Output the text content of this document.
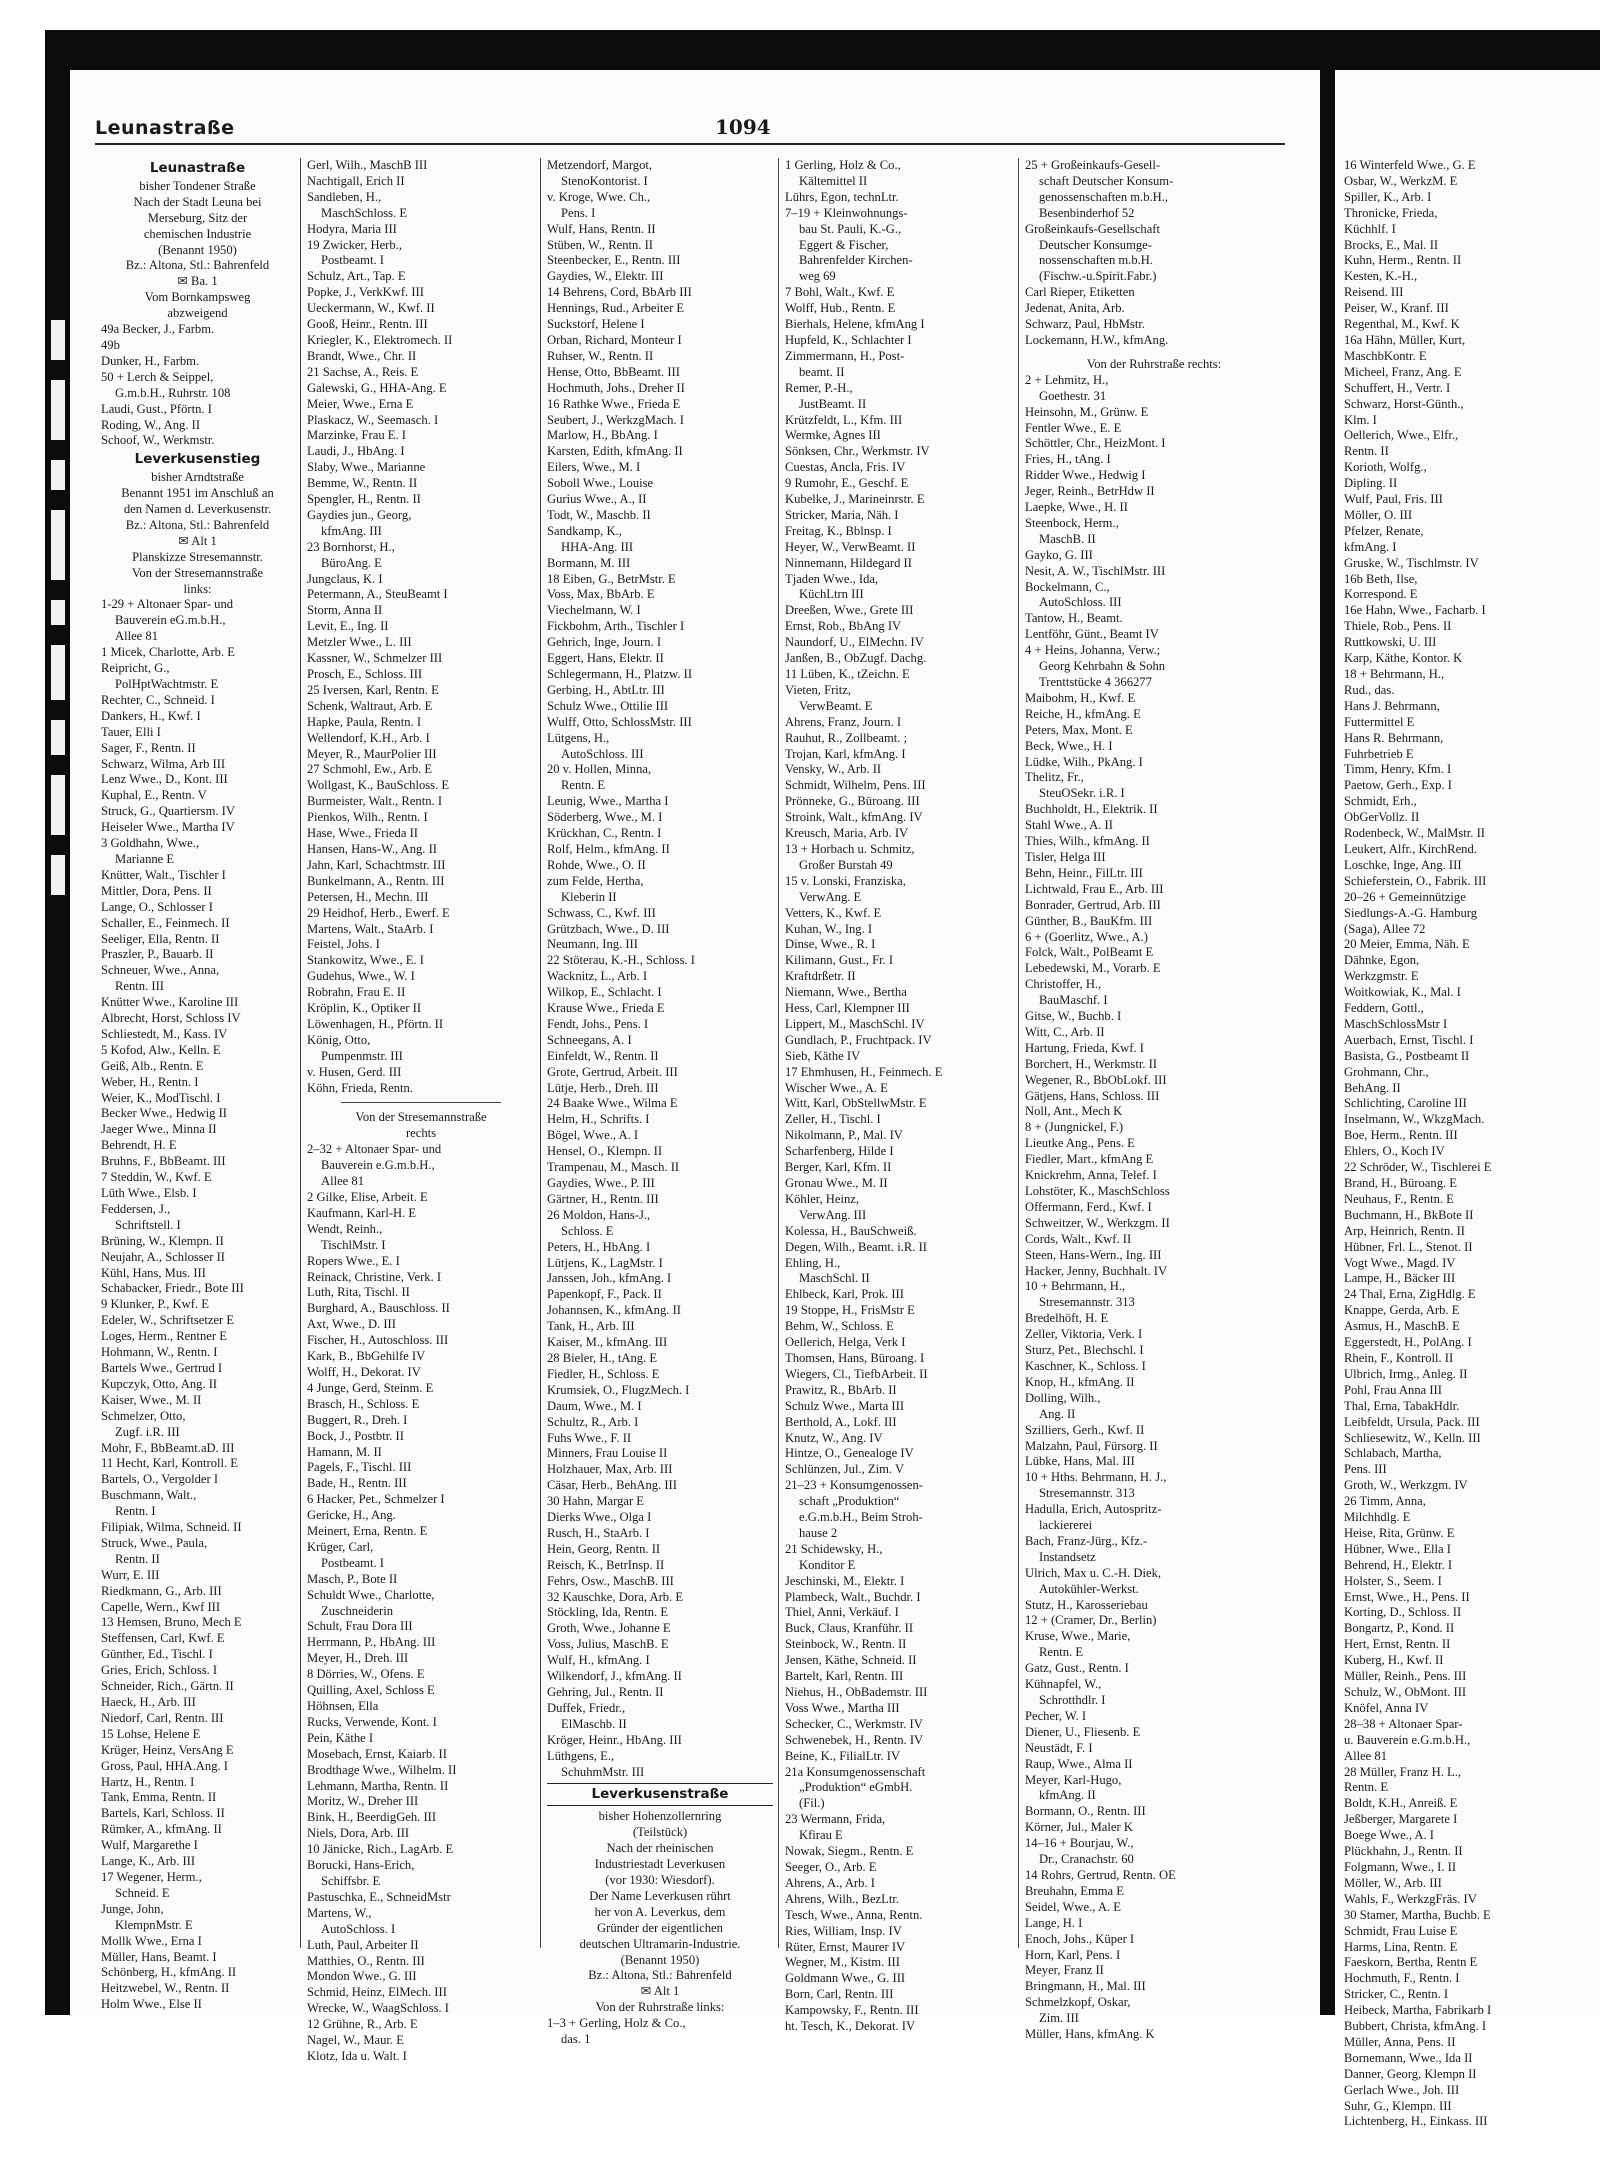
Leunastraße	1094
Leunastraße
bisher Tondener Straße
Nach der Stadt Leuna bei
Merseburg, Sitz der
chemischen Industrie
(Benannt 1950)
Bz.: Altona, Stl.: Bahrenfeld
✉ Ba. 1
Vom Bornkampsweg
abzweigend
49a Becker, J., Farbm.
49b
Dunker, H., Farbm.
50 + Lerch & Seippel,
G.m.b.H., Ruhrstr. 108
Laudi, Gust., Pförtn. I
Roding, W., Ang. II
Schoof, W., Werkmstr.
Leverkusenstieg
bisher Arndtstraße
Benannt 1951 im Anschluß an
den Namen d. Leverkusenstr.
Bz.: Altona, Stl.: Bahrenfeld
✉ Alt 1
Planskizze Stresemannstr.
Von der Stresemannstraße
links:
1-29 + Altonaer Spar- und
Bauverein eG.m.b.H.,
Allee 81
1 Micek, Charlotte, Arb. E
Reipricht, G.,
PolHptWachtmstr. E
Rechter, C., Schneid. I
Dankers, H., Kwf. I
Tauer, Elli I
Sager, F., Rentn. II
Schwarz, Wilma, Arb III
Lenz Wwe., D., Kont. III
Kuphal, E., Rentn. V
Struck, G., Quartiersm. IV
Heiseler Wwe., Martha IV
3 Goldhahn, Wwe.,
Marianne E
Knütter, Walt., Tischler I
Mittler, Dora, Pens. II
Lange, O., Schlosser I
Schaller, E., Feinmech. II
Seeliger, Ella, Rentn. II
Praszler, P., Bauarb. II
Schneuer, Wwe., Anna,
Rentn. III
Knütter Wwe., Karoline III
Albrecht, Horst, Schloss IV
Schliestedt, M., Kass. IV
5 Kofod, Alw., Kelln. E
Geiß, Alb., Rentn. E
Weber, H., Rentn. I
Weier, K., ModTischl. I
Becker Wwe., Hedwig II
Jaeger Wwe., Minna II
Behrendt, H. E
Bruhns, F., BbBeamt. III
7 Steddin, W., Kwf. E
Lüth Wwe., Elsb. I
Feddersen, J.,
Schriftstell. I
Brüning, W., Klempn. II
Neujahr, A., Schlosser II
Kühl, Hans, Mus. III
Schabacker, Friedr., Bote III
9 Klunker, P., Kwf. E
Edeler, W., Schriftsetzer E
Loges, Herm., Rentner E
Hohmann, W., Rentn. I
Bartels Wwe., Gertrud I
Kupczyk, Otto, Ang. II
Kaiser, Wwe., M. II
Schmelzer, Otto,
Zugf. i.R. III
Mohr, F., BbBeamt.aD. III
11 Hecht, Karl, Kontroll. E
Bartels, O., Vergolder I
Buschmann, Walt.,
Rentn. I
Filipiak, Wilma, Schneid. II
Struck, Wwe., Paula,
Rentn. II
Wurr, E. III
Riedkmann, G., Arb. III
Capelle, Wern., Kwf III
13 Hemsen, Bruno, Mech E
Steffensen, Carl, Kwf. E
Günther, Ed., Tischl. I
Gries, Erich, Schloss. I
Schneider, Rich., Gärtn. II
Haeck, H., Arb. III
Niedorf, Carl, Rentn. III
15 Lohse, Helene E
Krüger, Heinz, VersAng E
Gross, Paul, HHA.Ang. I
Hartz, H., Rentn. I
Tank, Emma, Rentn. II
Bartels, Karl, Schloss. II
Rümker, A., kfmAng. II
Wulf, Margarethe I
Lange, K., Arb. III
17 Wegener, Herm.,
Schneid. E
Junge, John,
KlempnMstr. E
Mollk Wwe., Erna I
Müller, Hans, Beamt. I
Schönberg, H., kfmAng. II
Heitzwebel, W., Rentn. II
Holm Wwe., Else II
Gerl, Wilh., MaschB III
Nachtigall, Erich II
Sandleben, H.,
MaschSchloss. E
Hodyra, Maria III
19 Zwicker, Herb.,
Postbeamt. I
Schulz, Art., Tap. E
Popke, J., VerkKwf. III
Ueckermann, W., Kwf. II
Gooß, Heinr., Rentn. III
Kriegler, K., Elektromech. II
Brandt, Wwe., Chr. II
21 Sachse, A., Reis. E
Galewski, G., HHA-Ang. E
Meier, Wwe., Erna E
Plaskacz, W., Seemasch. I
Marzinke, Frau E. I
Laudi, J., HbAng. I
Slaby, Wwe., Marianne
Bemme, W., Rentn. II
Spengler, H., Rentn. II
Gaydies jun., Georg,
kfmAng. III
23 Bornhorst, H.,
BüroAng. E
Jungclaus, K. I
Petermann, A., SteuBeamt I
Storm, Anna II
Levit, E., Ing. II
Metzler Wwe., L. III
Kassner, W., Schmelzer III
Prosch, E., Schloss. III
25 Iversen, Karl, Rentn. E
Schenk, Waltraut, Arb. E
Hapke, Paula, Rentn. I
Wellendorf, K.H., Arb. I
Meyer, R., MaurPolier III
27 Schmohl, Ew., Arb. E
Wollgast, K., BauSchloss. E
Burmeister, Walt., Rentn. I
Pienkos, Wilh., Rentn. I
Hase, Wwe., Frieda II
Hansen, Hans-W., Ang. II
Jahn, Karl, Schachtmstr. III
Bunkelmann, A., Rentn. III
Petersen, H., Mechn. III
29 Heidhof, Herb., Ewerf. E
Martens, Walt., StaArb. I
Feistel, Johs. I
Stankowitz, Wwe., E. I
Gudehus, Wwe., W. I
Robrahn, Frau E. II
Kröplin, K., Optiker II
Löwenhagen, H., Pförtn. II
König, Otto,
Pumpenmstr. III
v. Husen, Gerd. III
Köhn, Frieda, Rentn.
Von der Stresemannstraße
rechts
2–32 + Altonaer Spar- und
Bauverein e.G.m.b.H.,
Allee 81
2 Gilke, Elise, Arbeit. E
Kaufmann, Karl-H. E
Wendt, Reinh.,
TischlMstr. I
Ropers Wwe., E. I
Reinack, Christine, Verk. I
Luth, Rita, Tischl. II
Burghard, A., Bauschloss. II
Axt, Wwe., D. III
Fischer, H., Autoschloss. III
Kark, B., BbGehilfe IV
Wolff, H., Dekorat. IV
4 Junge, Gerd, Steinm. E
Brasch, H., Schloss. E
Buggert, R., Dreh. I
Bock, J., Postbtr. II
Hamann, M. II
Pagels, F., Tischl. III
Bade, H., Rentn. III
6 Hacker, Pet., Schmelzer I
Gericke, H., Ang.
Meinert, Erna, Rentn. E
Krüger, Carl,
Postbeamt. I
Masch, P., Bote II
Schuldt Wwe., Charlotte,
Zuschneiderin
Schult, Frau Dora III
Herrmann, P., HbAng. III
Meyer, H., Dreh. III
8 Dörries, W., Ofens. E
Quilling, Axel, Schloss E
Höhnsen, Ella
Rucks, Verwende, Kont. I
Pein, Käthe I
Mosebach, Ernst, Kaiarb. II
Brodthage Wwe., Wilhelm. II
Lehmann, Martha, Rentn. II
Moritz, W., Dreher III
Bink, H., BeerdigGeh. III
Niels, Dora, Arb. III
10 Jänicke, Rich., LagArb. E
Borucki, Hans-Erich,
Schiffsbr. E
Pastuschka, E., SchneidMstr
Martens, W.,
AutoSchloss. I
Luth, Paul, Arbeiter II
Matthies, O., Rentn. III
Mondon Wwe., G. III
Schmid, Heinz, ElMech. III
Wrecke, W., WaagSchloss. I
12 Grühne, R., Arb. E
Nagel, W., Maur. E
Klotz, Ida u. Walt. I
Metzendorf, Margot,
StenoKontorist. I
v. Kroge, Wwe. Ch.,
Pens. I
Wulf, Hans, Rentn. II
Stüben, W., Rentn. II
Steenbecker, E., Rentn. III
Gaydies, W., Elektr. III
14 Behrens, Cord, BbArb III
Hennings, Rud., Arbeiter E
Suckstorf, Helene I
Orban, Richard, Monteur I
Ruhser, W., Rentn. II
Hense, Otto, BbBeamt. III
Hochmuth, Johs., Dreher II
16 Rathke Wwe., Frieda E
Seubert, J., WerkzgMach. I
Marlow, H., BbAng. I
Karsten, Edith, kfmAng. II
Eilers, Wwe., M. I
Soboll Wwe., Louise
Gurius Wwe., A., II
Todt, W., Maschb. II
Sandkamp, K.,
HHA-Ang. III
Bormann, M. III
18 Eiben, G., BetrMstr. E
Voss, Max, BbArb. E
Viechelmann, W. I
Fickbohm, Arth., Tischler I
Gehrich, Inge, Journ. I
Eggert, Hans, Elektr. II
Schlegermann, H., Platzw. II
Gerbing, H., AbtLtr. III
Schulz Wwe., Ottilie III
Wulff, Otto, SchlossMstr. III
Lütgens, H.,
AutoSchloss. III
20 v. Hollen, Minna,
Rentn. E
Leunig, Wwe., Martha I
Söderberg, Wwe., M. I
Krückhan, C., Rentn. I
Rolf, Helm., kfmAng. II
Rohde, Wwe., O. II
zum Felde, Hertha,
Kleberin II
Schwass, C., Kwf. III
Grützbach, Wwe., D. III
Neumann, Ing. III
22 Stöterau, K.-H., Schloss. I
Wacknitz, L., Arb. I
Wilkop, E., Schlacht. I
Krause Wwe., Frieda E
Fendt, Johs., Pens. I
Schneegans, A. I
Einfeldt, W., Rentn. II
Grote, Gertrud, Arbeit. III
Lütje, Herb., Dreh. III
24 Baake Wwe., Wilma E
Helm, H., Schrifts. I
Bögel, Wwe., A. I
Hensel, O., Klempn. II
Trampenau, M., Masch. II
Gaydies, Wwe., P. III
Gärtner, H., Rentn. III
26 Moldon, Hans-J.,
Schloss. E
Peters, H., HbAng. I
Lütjens, K., LagMstr. I
Janssen, Joh., kfmAng. I
Papenkopf, F., Pack. II
Johannsen, K., kfmAng. II
Tank, H., Arb. III
Kaiser, M., kfmAng. III
28 Bieler, H., tAng. E
Fiedler, H., Schloss. E
Krumsiek, O., FlugzMech. I
Daum, Wwe., M. I
Schultz, R., Arb. I
Fuhs Wwe., F. II
Minners, Frau Louise II
Holzhauer, Max, Arb. III
Cäsar, Herb., BehAng. III
30 Hahn, Margar E
Dierks Wwe., Olga I
Rusch, H., StaArb. I
Hein, Georg, Rentn. II
Reisch, K., BetrInsp. II
Fehrs, Osw., MaschB. III
32 Kauschke, Dora, Arb. E
Stöckling, Ida, Rentn. E
Groth, Wwe., Johanne E
Voss, Julius, MaschB. E
Wulf, H., kfmAng. I
Wilkendorf, J., kfmAng. II
Gehring, Jul., Rentn. II
Duffek, Friedr.,
ElMaschb. II
Kröger, Heinr., HbAng. III
Lüthgens, E.,
SchuhmMstr. III
Leverkusenstraße
bisher Hohenzollernring
(Teilstück)
Nach der rheinischen
Industriestadt Leverkusen
(vor 1930: Wiesdorf).
Der Name Leverkusen rührt
her von A. Leverkus, dem
Gründer der eigentlichen
deutschen Ultramarin-Industrie.
(Benannt 1950)
Bz.: Altona, Stl.: Bahrenfeld
✉ Alt 1
Von der Ruhrstraße links:
1–3 + Gerling, Holz & Co.,
das. 1
1 Gerling, Holz & Co.,
Kältemittel II
Lührs, Egon, technLtr.
7–19 + Kleinwohnungs-
bau St. Pauli, K.-G.,
Eggert & Fischer,
Bahrenfelder Kirchen-
weg 69
7 Bohl, Walt., Kwf. E
Wolff, Hub., Rentn. E
Bierhals, Helene, kfmAng I
Hupfeld, K., Schlachter I
Zimmermann, H., Post-
beamt. II
Remer, P.-H.,
JustBeamt. II
Krützfeldt, L., Kfm. III
Wermke, Agnes III
Sönksen, Chr., Werkmstr. IV
Cuestas, Ancla, Fris. IV
9 Rumohr, E., Geschf. E
Kubelke, J., Marineinrstr. E
Stricker, Maria, Näh. I
Freitag, K., Bblnsp. I
Heyer, W., VerwBeamt. II
Ninnemann, Hildegard II
Tjaden Wwe., Ida,
KüchLtrn III
Dreeßen, Wwe., Grete III
Ernst, Rob., BbAng IV
Naundorf, U., ElMechn. IV
Janßen, B., ObZugf. Dachg.
11 Lüben, K., tZeichn. E
Vieten, Fritz,
VerwBeamt. E
Ahrens, Franz, Journ. I
Rauhut, R., Zollbeamt. ;
Trojan, Karl, kfmAng. I
Vensky, W., Arb. II
Schmidt, Wilhelm, Pens. III
Prönneke, G., Büroang. III
Stroink, Walt., kfmAng. IV
Kreusch, Maria, Arb. IV
13 + Horbach u. Schmitz,
Großer Burstah 49
15 v. Lonski, Franziska,
VerwAng. E
Vetters, K., Kwf. E
Kuhan, W., Ing. I
Dinse, Wwe., R. I
Kilimann, Gust., Fr. I
Kraftdrßetr. II
Niemann, Wwe., Bertha
Hess, Carl, Klempner III
Lippert, M., MaschSchl. IV
Gundlach, P., Fruchtpack. IV
Sieb, Käthe IV
17 Ehmhusen, H., Feinmech. E
Wischer Wwe., A. E
Witt, Karl, ObStellwMstr. E
Zeller, H., Tischl. I
Nikolmann, P., Mal. IV
Scharfenberg, Hilde I
Berger, Karl, Kfm. II
Gronau Wwe., M. II
Köhler, Heinz,
VerwAng. III
Kolessa, H., BauSchweiß.
Degen, Wilh., Beamt. i.R. II
Ehling, H.,
MaschSchl. II
Ehlbeck, Karl, Prok. III
19 Stoppe, H., FrisMstr E
Behm, W., Schloss. E
Oellerich, Helga, Verk I
Thomsen, Hans, Büroang. I
Wiegers, Cl., TiefbArbeit. II
Prawitz, R., BbArb. II
Schulz Wwe., Marta III
Berthold, A., Lokf. III
Knutz, W., Ang. IV
Hintze, O., Genealoge IV
Schlünzen, Jul., Zim. V
21–23 + Konsumgenossen-
schaft „Produktion“
e.G.m.b.H., Beim Stroh-
hause 2
21 Schidewsky, H.,
Konditor E
Jeschinski, M., Elektr. I
Plambeck, Walt., Buchdr. I
Thiel, Anni, Verkäuf. I
Buck, Claus, Kranführ. II
Steinbock, W., Rentn. II
Jensen, Käthe, Schneid. II
Bartelt, Karl, Rentn. III
Niehus, H., ObBademstr. III
Voss Wwe., Martha III
Schecker, C., Werkmstr. IV
Schwenebek, H., Rentn. IV
Beine, K., FilialLtr. IV
21a Konsumgenossenschaft
„Produktion“ eGmbH.
(Fil.)
23 Wermann, Frida,
Kfirau E
Nowak, Siegm., Rentn. E
Seeger, O., Arb. E
Ahrens, A., Arb. I
Ahrens, Wilh., BezLtr.
Tesch, Wwe., Anna, Rentn.
Ries, William, Insp. IV
Rüter, Ernst, Maurer IV
Wegner, M., Kistm. III
Goldmann Wwe., G. III
Born, Carl, Rentn. III
Kampowsky, F., Rentn. III
ht. Tesch, K., Dekorat. IV
25 + Großeinkaufs-Gesell-
schaft Deutscher Konsum-
genossenschaften m.b.H.,
Besenbinderhof 52
Großeinkaufs-Gesellschaft
Deutscher Konsumge-
nossenschaften m.b.H.
(Fischw.-u.Spirit.Fabr.)
Carl Rieper, Etiketten
Jedenat, Anita, Arb.
Schwarz, Paul, HbMstr.
Lockemann, H.W., kfmAng.
Von der Ruhrstraße rechts:
2 + Lehmitz, H.,
Goethestr. 31
Heinsohn, M., Grünw. E
Fentler Wwe., E. E
Schöttler, Chr., HeizMont. I
Fries, H., tAng. I
Ridder Wwe., Hedwig I
Jeger, Reinh., BetrHdw II
Laepke, Wwe., H. II
Steenbock, Herm.,
MaschB. II
Gayko, G. III
Nesit, A. W., TischlMstr. III
Bockelmann, C.,
AutoSchloss. III
Tantow, H., Beamt.
Lentföhr, Günt., Beamt IV
4 + Heins, Johanna, Verw.;
Georg Kehrbahn & Sohn
Trenttstücke 4 366277
Maibohm, H., Kwf. E
Reiche, H., kfmAng. E
Peters, Max, Mont. E
Beck, Wwe., H. I
Lüdke, Wilh., PkAng. I
Thelitz, Fr.,
SteuOSekr. i.R. I
Buchholdt, H., Elektrik. II
Stahl Wwe., A. II
Thies, Wilh., kfmAng. II
Tisler, Helga III
Behn, Heinr., FilLtr. III
Lichtwald, Frau E., Arb. III
Bonrader, Gertrud, Arb. III
Günther, B., BauKfm. III
6 + (Goerlitz, Wwe., A.)
Folck, Walt., PolBeamt E
Lebedewski, M., Vorarb. E
Christoffer, H.,
BauMaschf. I
Gitse, W., Buchb. I
Witt, C., Arb. II
Hartung, Frieda, Kwf. I
Borchert, H., Werkmstr. II
Wegener, R., BbObLokf. III
Gätjens, Hans, Schloss. III
Noll, Ant., Mech K
8 + (Jungnickel, F.)
Lieutke Ang., Pens. E
Fiedler, Mart., kfmAng E
Knickrehm, Anna, Telef. I
Lohstöter, K., MaschSchloss
Offermann, Ferd., Kwf. I
Schweitzer, W., Werkzgm. II
Cords, Walt., Kwf. II
Steen, Hans-Wern., Ing. III
Hacker, Jenny, Buchhalt. IV
10 + Behrmann, H.,
Stresemannstr. 313
Bredelhöft, H. E
Zeller, Viktoria, Verk. I
Sturz, Pet., Blechschl. I
Kaschner, K., Schloss. I
Knop, H., kfmAng. II
Dolling, Wilh.,
Ang. II
Szilliers, Gerh., Kwf. II
Malzahn, Paul, Fürsorg. II
Lübke, Hans, Mal. III
10 + Hths. Behrmann, H. J.,
Stresemannstr. 313
Hadulla, Erich, Autospritz-
lackiererei
Bach, Franz-Jürg., Kfz.-
Instandsetz
Ulrich, Max u. C.-H. Diek,
Autokühler-Werkst.
Stutz, H., Karosseriebau
12 + (Cramer, Dr., Berlin)
Kruse, Wwe., Marie,
Rentn. E
Gatz, Gust., Rentn. I
Kühnapfel, W.,
Schrotthdlr. I
Pecher, W. I
Diener, U., Fliesenb. E
Neustädt, F. I
Raup, Wwe., Alma II
Meyer, Karl-Hugo,
kfmAng. II
Bormann, O., Rentn. III
Körner, Jul., Maler K
14–16 + Bourjau, W.,
Dr., Cranachstr. 60
14 Rohrs, Gertrud, Rentn. OE
Breuhahn, Emma E
Seidel, Wwe., A. E
Lange, H. I
Enoch, Johs., Küper I
Horn, Karl, Pens. I
Meyer, Franz II
Bringmann, H., Mal. III
Schmelzkopf, Oskar,
Zim. III
Müller, Hans, kfmAng. K
16 Winterfeld Wwe., G. E
Osbar, W., WerkzM. E
Spiller, K., Arb. I
Thronicke, Frieda,
Küchhlf. I
Brocks, E., Mal. II
Kuhn, Herm., Rentn. II
Kesten, K.-H.,
Reisend. III
Peiser, W., Kranf. III
Regenthal, M., Kwf. K
16a Hähn, Müller, Kurt,
MaschbKontr. E
Micheel, Franz, Ang. E
Schuffert, H., Vertr. I
Schwarz, Horst-Günth.,
Klm. I
Oellerich, Wwe., Elfr.,
Rentn. II
Korioth, Wolfg.,
Dipling. II
Wulf, Paul, Fris. III
Möller, O. III
Pfelzer, Renate,
kfmAng. I
Gruske, W., Tischlmstr. IV
16b Beth, Ilse,
Korrespond. E
16e Hahn, Wwe., Facharb. I
Thiele, Rob., Pens. II
Ruttkowski, U. III
Karp, Käthe, Kontor. K
18 + Behrmann, H.,
Rud., das.
Hans J. Behrmann,
Futtermittel E
Hans R. Behrmann,
Fuhrbetrieb E
Timm, Henry, Kfm. I
Paetow, Gerh., Exp. I
Schmidt, Erh.,
ObGerVollz. II
Rodenbeck, W., MalMstr. II
Leukert, Alfr., KirchRend.
Loschke, Inge, Ang. III
Schieferstein, O., Fabrik. III
20–26 + Gemeinnützige
Siedlungs-A.-G. Hamburg
(Saga), Allee 72
20 Meier, Emma, Näh. E
Dähnke, Egon,
Werkzgmstr. E
Woitkowiak, K., Mal. I
Feddern, Gottl.,
MaschSchlossMstr I
Auerbach, Ernst, Tischl. I
Basista, G., Postbeamt II
Grohmann, Chr.,
BehAng. II
Schlichting, Caroline III
Inselmann, W., WkzgMach.
Boe, Herm., Rentn. III
Ehlers, O., Koch IV
22 Schröder, W., Tischlerei E
Brand, H., Büroang. E
Neuhaus, F., Rentn. E
Buchmann, H., BkBote II
Arp, Heinrich, Rentn. II
Hübner, Frl. L., Stenot. II
Vogt Wwe., Magd. IV
Lampe, H., Bäcker III
24 Thal, Erna, ZigHdlg. E
Knappe, Gerda, Arb. E
Asmus, H., MaschB. E
Eggerstedt, H., PolAng. I
Rhein, F., Kontroll. II
Ulbrich, Irmg., Anleg. II
Pohl, Frau Anna III
Thal, Erna, TabakHdlr.
Leibfeldt, Ursula, Pack. III
Schliesewitz, W., Kelln. III
Schlabach, Martha,
Pens. III
Groth, W., Werkzgm. IV
26 Timm, Anna,
Milchhdlg. E
Heise, Rita, Grünw. E
Hübner, Wwe., Ella I
Behrend, H., Elektr. I
Holster, S., Seem. I
Ernst, Wwe., H., Pens. II
Korting, D., Schloss. II
Bongartz, P., Kond. II
Hert, Ernst, Rentn. II
Kuberg, H., Kwf. II
Müller, Reinh., Pens. III
Schulz, W., ObMont. III
Knöfel, Anna IV
28–38 + Altonaer Spar-
u. Bauverein e.G.m.b.H.,
Allee 81
28 Müller, Franz H. L.,
Rentn. E
Boldt, K.H., Anreiß. E
Jeßberger, Margarete I
Boege Wwe., A. I
Plückhahn, J., Rentn. II
Folgmann, Wwe., I. II
Möller, W., Arb. III
Wahls, F., WerkzgFräs. IV
30 Stamer, Martha, Buchb. E
Schmidt, Frau Luise E
Harms, Lina, Rentn. E
Faeskorn, Bertha, Rentn E
Hochmuth, F., Rentn. I
Stricker, C., Rentn. I
Heibeck, Martha, Fabrikarb I
Bubbert, Christa, kfmAng. I
Müller, Anna, Pens. II
Bornemann, Wwe., Ida II
Danner, Georg, Klempn II
Gerlach Wwe., Joh. III
Suhr, G., Klempn. III
Lichtenberg, H., Einkass. III
